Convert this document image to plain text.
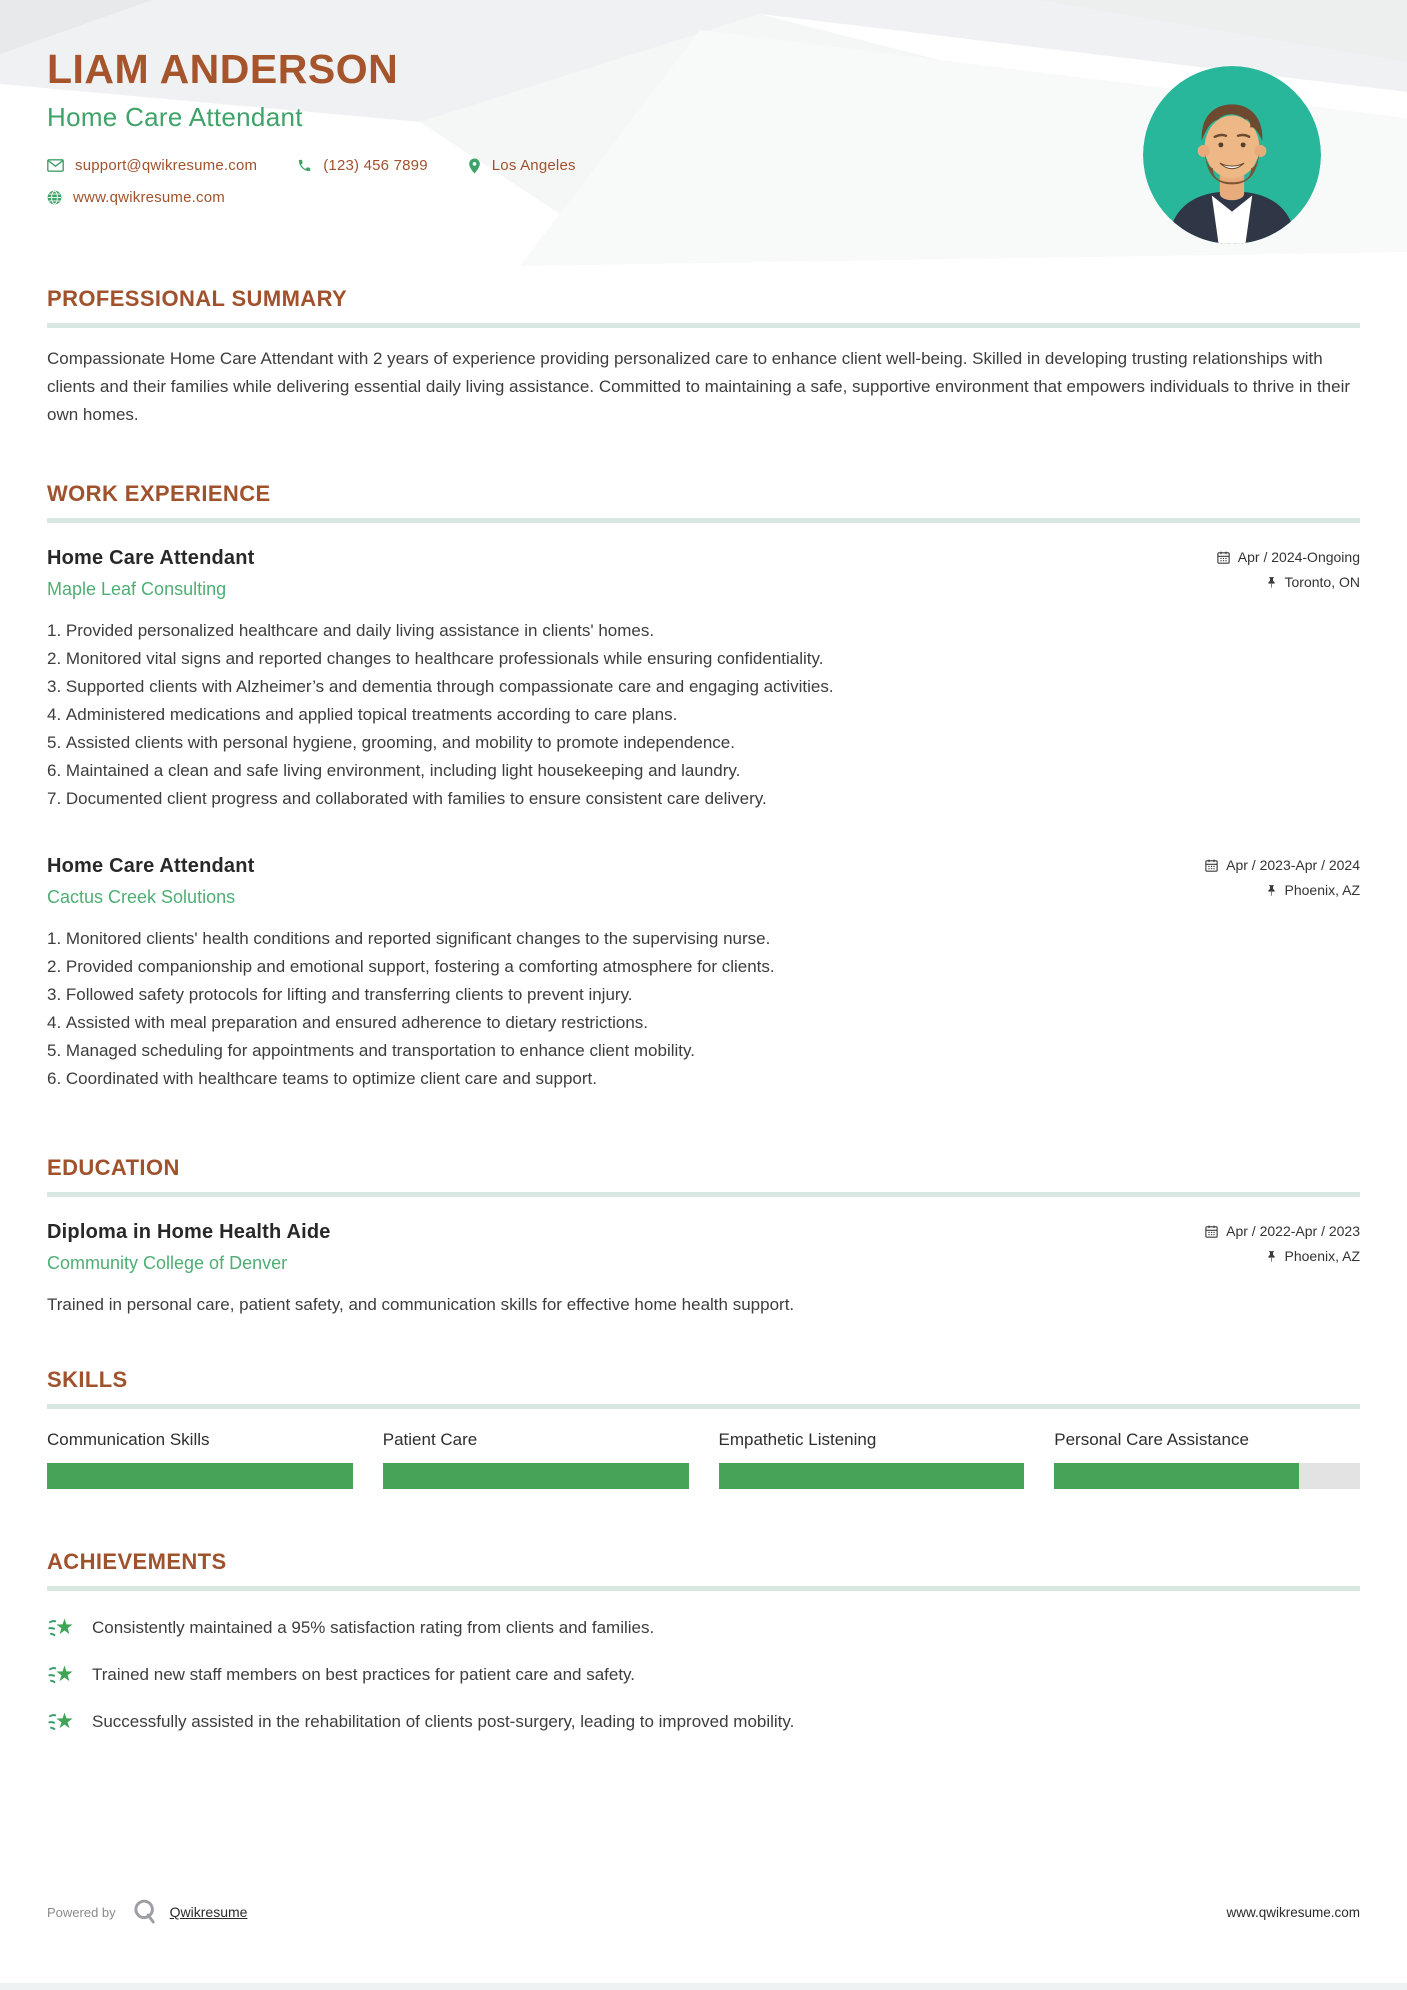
LIAM ANDERSON
Home Care Attendant
support@qwikresume.com	(123) 456 7899	Los Angeles
www.qwikresume.com
PROFESSIONAL SUMMARY

Compassionate Home Care Attendant with 2 years of experience providing personalized care to enhance client well-being. Skilled in developing trusting relationships with clients and their families while delivering essential daily living assistance. Committed to maintaining a safe, supportive environment that empowers individuals to thrive in their own homes.

WORK EXPERIENCE
Home Care Attendant
Maple Leaf Consulting
Apr / 2024-Ongoing
Toronto, ON
1. Provided personalized healthcare and daily living assistance in clients' homes.
2. Monitored vital signs and reported changes to healthcare professionals while ensuring confidentiality.
3. Supported clients with Alzheimer’s and dementia through compassionate care and engaging activities.
4. Administered medications and applied topical treatments according to care plans.
5. Assisted clients with personal hygiene, grooming, and mobility to promote independence.
6. Maintained a clean and safe living environment, including light housekeeping and laundry.
7. Documented client progress and collaborated with families to ensure consistent care delivery.
Home Care Attendant
Cactus Creek Solutions
Apr / 2023-Apr / 2024
Phoenix, AZ
1. Monitored clients' health conditions and reported significant changes to the supervising nurse.
2. Provided companionship and emotional support, fostering a comforting atmosphere for clients.
3. Followed safety protocols for lifting and transferring clients to prevent injury.
4. Assisted with meal preparation and ensured adherence to dietary restrictions.
5. Managed scheduling for appointments and transportation to enhance client mobility.
6. Coordinated with healthcare teams to optimize client care and support.
EDUCATION
Diploma in Home Health Aide
Community College of Denver
Apr / 2022-Apr / 2023
Phoenix, AZ

Trained in personal care, patient safety, and communication skills for effective home health support.

SKILLS
Communication Skills	Patient Care	Empathetic Listening	Personal Care Assistance
ACHIEVEMENTS
Consistently maintained a 95% satisfaction rating from clients and families.
Trained new staff members on best practices for patient care and safety.
Successfully assisted in the rehabilitation of clients post-surgery, leading to improved mobility.
Powered by	Qwikresume	www.qwikresume.com
